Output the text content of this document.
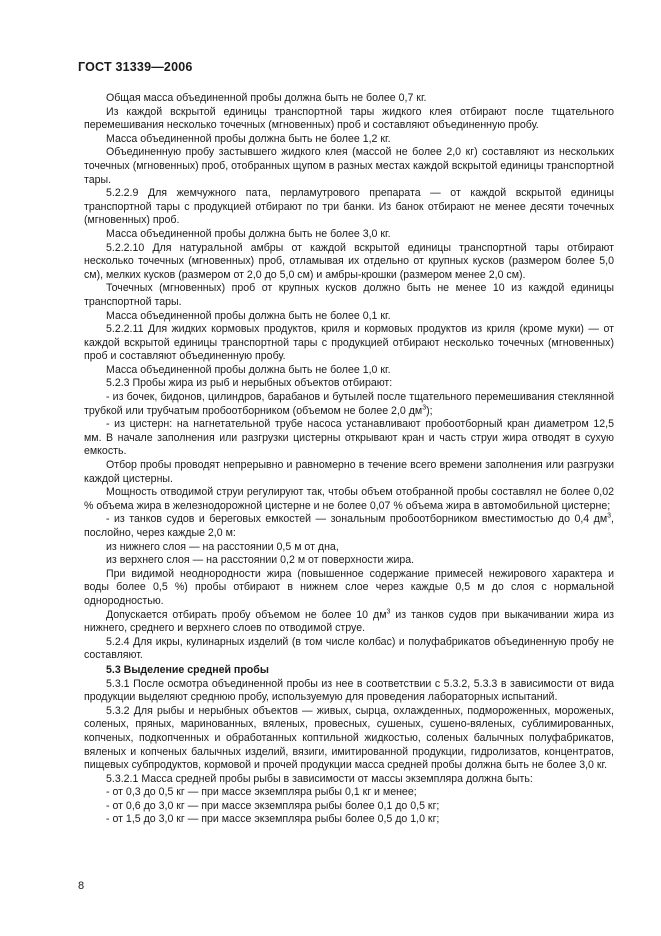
ГОСТ 31339—2006

Общая масса объединенной пробы должна быть не более 0,7 кг.

Из каждой вскрытой единицы транспортной тары жидкого клея отбирают после тщательного перемешивания несколько точечных (мгновенных) проб и составляют объединенную пробу.

Масса объединенной пробы должна быть не более 1,2 кг.

Объединенную пробу застывшего жидкого клея (массой не более 2,0 кг) составляют из нескольких точечных (мгновенных) проб, отобранных щупом в разных местах каждой вскрытой единицы транспортной тары.

5.2.2.9 Для жемчужного пата, перламутрового препарата — от каждой вскрытой единицы транспортной тары с продукцией отбирают по три банки. Из банок отбирают не менее десяти точечных (мгновенных) проб.

Масса объединенной пробы должна быть не более 3,0 кг.

5.2.2.10 Для натуральной амбры от каждой вскрытой единицы транспортной тары отбирают несколько точечных (мгновенных) проб, отламывая их отдельно от крупных кусков (размером более 5,0 см), мелких кусков (размером от 2,0 до 5,0 см) и амбры-крошки (размером менее 2,0 см).

Точечных (мгновенных) проб от крупных кусков должно быть не менее 10 из каждой единицы транспортной тары.

Масса объединенной пробы должна быть не более 0,1 кг.

5.2.2.11 Для жидких кормовых продуктов, криля и кормовых продуктов из криля (кроме муки) — от каждой вскрытой единицы транспортной тары с продукцией отбирают несколько точечных (мгновенных) проб и составляют объединенную пробу.

Масса объединенной пробы должна быть не более 1,0 кг.

5.2.3 Пробы жира из рыб и нерыбных объектов отбирают:

- из бочек, бидонов, цилиндров, барабанов и бутылей после тщательного перемешивания стеклянной трубкой или трубчатым пробоотборником (объемом не более 2,0 $дм^3$);

- из цистерн: на нагнетательной трубе насоса устанавливают пробоотборный кран диаметром 12,5 мм. В начале заполнения или разгрузки цистерны открывают кран и часть струи жира отводят в сухую емкость.

Отбор пробы проводят непрерывно и равномерно в течение всего времени заполнения или разгрузки каждой цистерны.

Мощность отводимой струи регулируют так, чтобы объем отобранной пробы составлял не более 0,02 % объема жира в железнодорожной цистерне и не более 0,07 % объема жира в автомобильной цистерне;

- из танков судов и береговых емкостей — зональным пробоотборником вместимостью до 0,4 $дм^3$, послойно, через каждые 2,0 м:

из нижнего слоя — на расстоянии 0,5 м от дна,

из верхнего слоя — на расстоянии 0,2 м от поверхности жира.

При видимой неоднородности жира (повышенное содержание примесей нежирового характера и воды более 0,5 %) пробы отбирают в нижнем слое через каждые 0,5 м до слоя с нормальной однородностью.

Допускается отбирать пробу объемом не более 10 $дм^3$ из танков судов при выкачивании жира из нижнего, среднего и верхнего слоев по отводимой струе.

5.2.4 Для икры, кулинарных изделий (в том числе колбас) и полуфабрикатов объединенную пробу не составляют.

5.3 Выделение средней пробы

5.3.1 После осмотра объединенной пробы из нее в соответствии с 5.3.2, 5.3.3 в зависимости от вида продукции выделяют среднюю пробу, используемую для проведения лабораторных испытаний.

5.3.2 Для рыбы и нерыбных объектов — живых, сырца, охлажденных, подмороженных, мороженых, соленых, пряных, маринованных, вяленых, провесных, сушеных, сушено-вяленых, сублимированных, копченых, подкопченных и обработанных коптильной жидкостью, соленых балычных полуфабрикатов, вяленых и копченых балычных изделий, вязиги, имитированной продукции, гидролизатов, концентратов, пищевых субпродуктов, кормовой и прочей продукции масса средней пробы должна быть не более 3,0 кг.

5.3.2.1 Масса средней пробы рыбы в зависимости от массы экземпляра должна быть:

- от 0,3 до 0,5 кг — при массе экземпляра рыбы 0,1 кг и менее;

- от 0,6 до 3,0 кг — при массе экземпляра рыбы более 0,1 до 0,5 кг;

- от 1,5 до 3,0 кг — при массе экземпляра рыбы более 0,5 до 1,0 кг;

8
